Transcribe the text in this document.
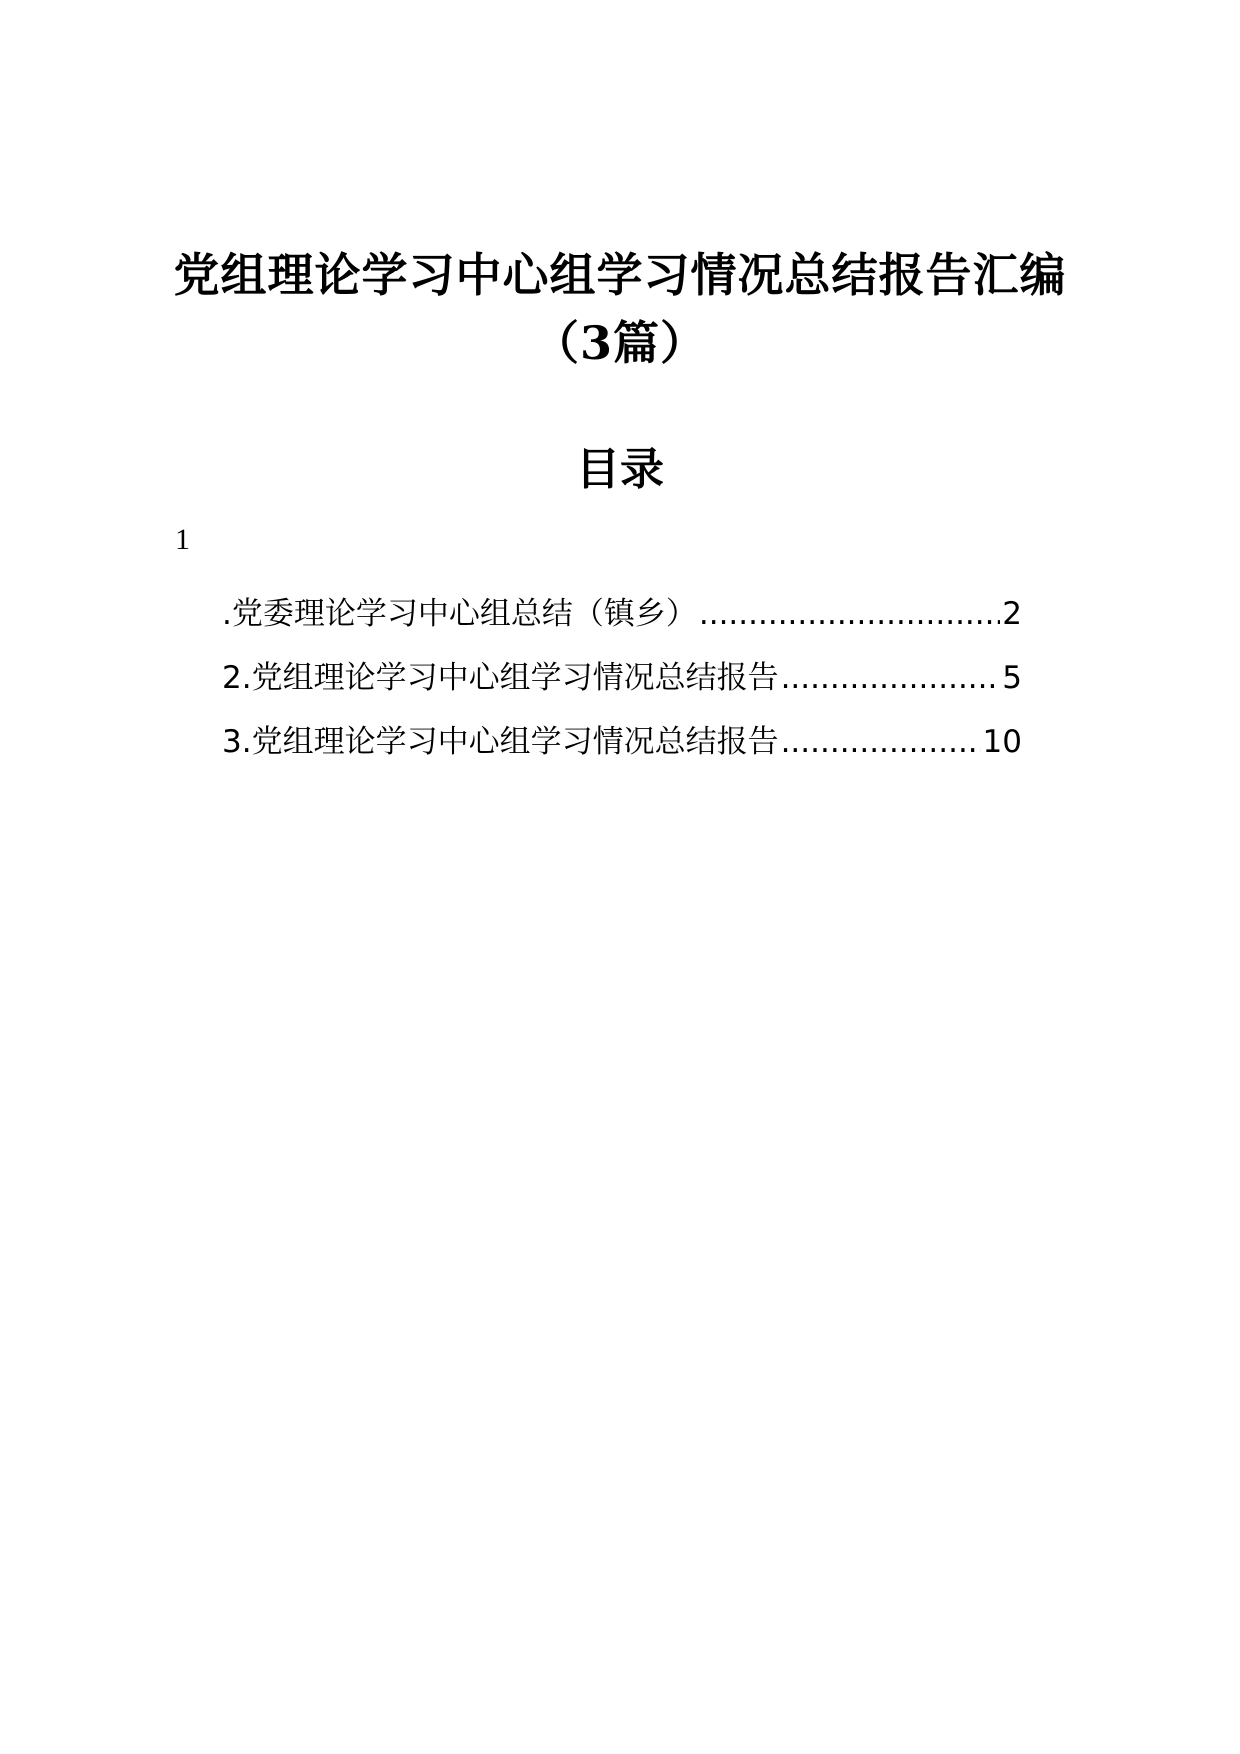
党组理论学习中心组学习情况总结报告汇编
（3篇）
目录
1
.党委理论学习中心组总结（镇乡） .....	2
2.党组理论学习中心组学习情况总结报告 .....	5
3.党组理论学习中心组学习情况总结报告 .....	10
